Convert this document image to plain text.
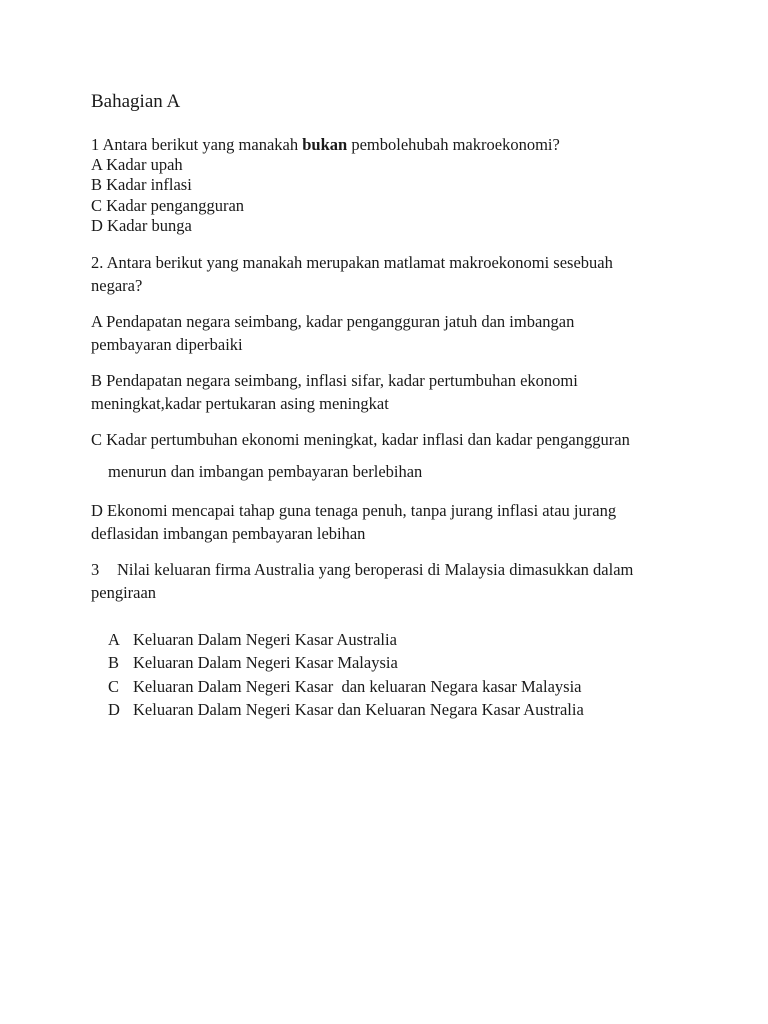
Bahagian A
1 Antara berikut yang manakah bukan pembolehubah makroekonomi?
A Kadar upah
B Kadar inflasi
C Kadar pengangguran
D Kadar bunga
2. Antara berikut yang manakah merupakan matlamat makroekonomi sesebuah
negara?
A Pendapatan negara seimbang, kadar pengangguran jatuh dan imbangan
pembayaran diperbaiki
B Pendapatan negara seimbang, inflasi sifar, kadar pertumbuhan ekonomi
meningkat,kadar pertukaran asing meningkat
C Kadar pertumbuhan ekonomi meningkat, kadar inflasi dan kadar pengangguran
menurun dan imbangan pembayaran berlebihan
D Ekonomi mencapai tahap guna tenaga penuh, tanpa jurang inflasi atau jurang
deflasidan imbangan pembayaran lebihan
3 Nilai keluaran firma Australia yang beroperasi di Malaysia dimasukkan dalam
pengiraan
A Keluaran Dalam Negeri Kasar Australia
B Keluaran Dalam Negeri Kasar Malaysia
C Keluaran Dalam Negeri Kasar  dan keluaran Negara kasar Malaysia
D Keluaran Dalam Negeri Kasar dan Keluaran Negara Kasar Australia
